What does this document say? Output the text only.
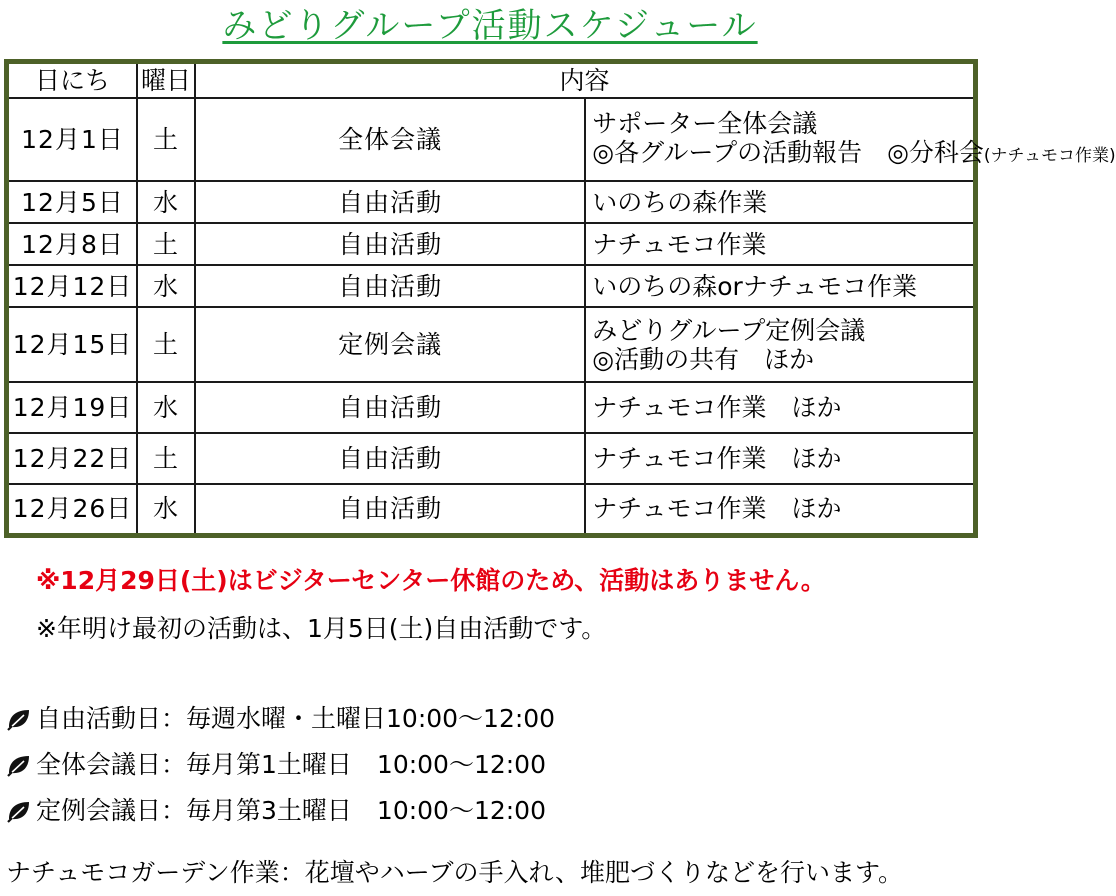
みどりグループ活動スケジュール
日にち	曜日	内容	
12月1日	土	全体会議	サポーター全体会議
◎各グループの活動報告　◎分科会(ナチュモコ作業)

12月5日	水	自由活動	いのちの森作業
12月8日	土	自由活動	ナチュモコ作業
12月12日	水	自由活動	いのちの森orナチュモコ作業
12月15日	土	定例会議	みどりグループ定例会議
◎活動の共有　ほか

12月19日	水	自由活動	ナチュモコ作業　ほか
12月22日	土	自由活動	ナチュモコ作業　ほか
12月26日	水	自由活動	ナチュモコ作業　ほか
※12月29日(土)はビジターセンター休館のため、活動はありません。
※年明け最初の活動は、1月5日(土)自由活動です。
自由活動日：毎週水曜・土曜日10:00～12:00
全体会議日：毎月第1土曜日　10:00～12:00
定例会議日：毎月第3土曜日　10:00～12:00
ナチュモコガーデン作業：花壇やハーブの手入れ、堆肥づくりなどを行います。
